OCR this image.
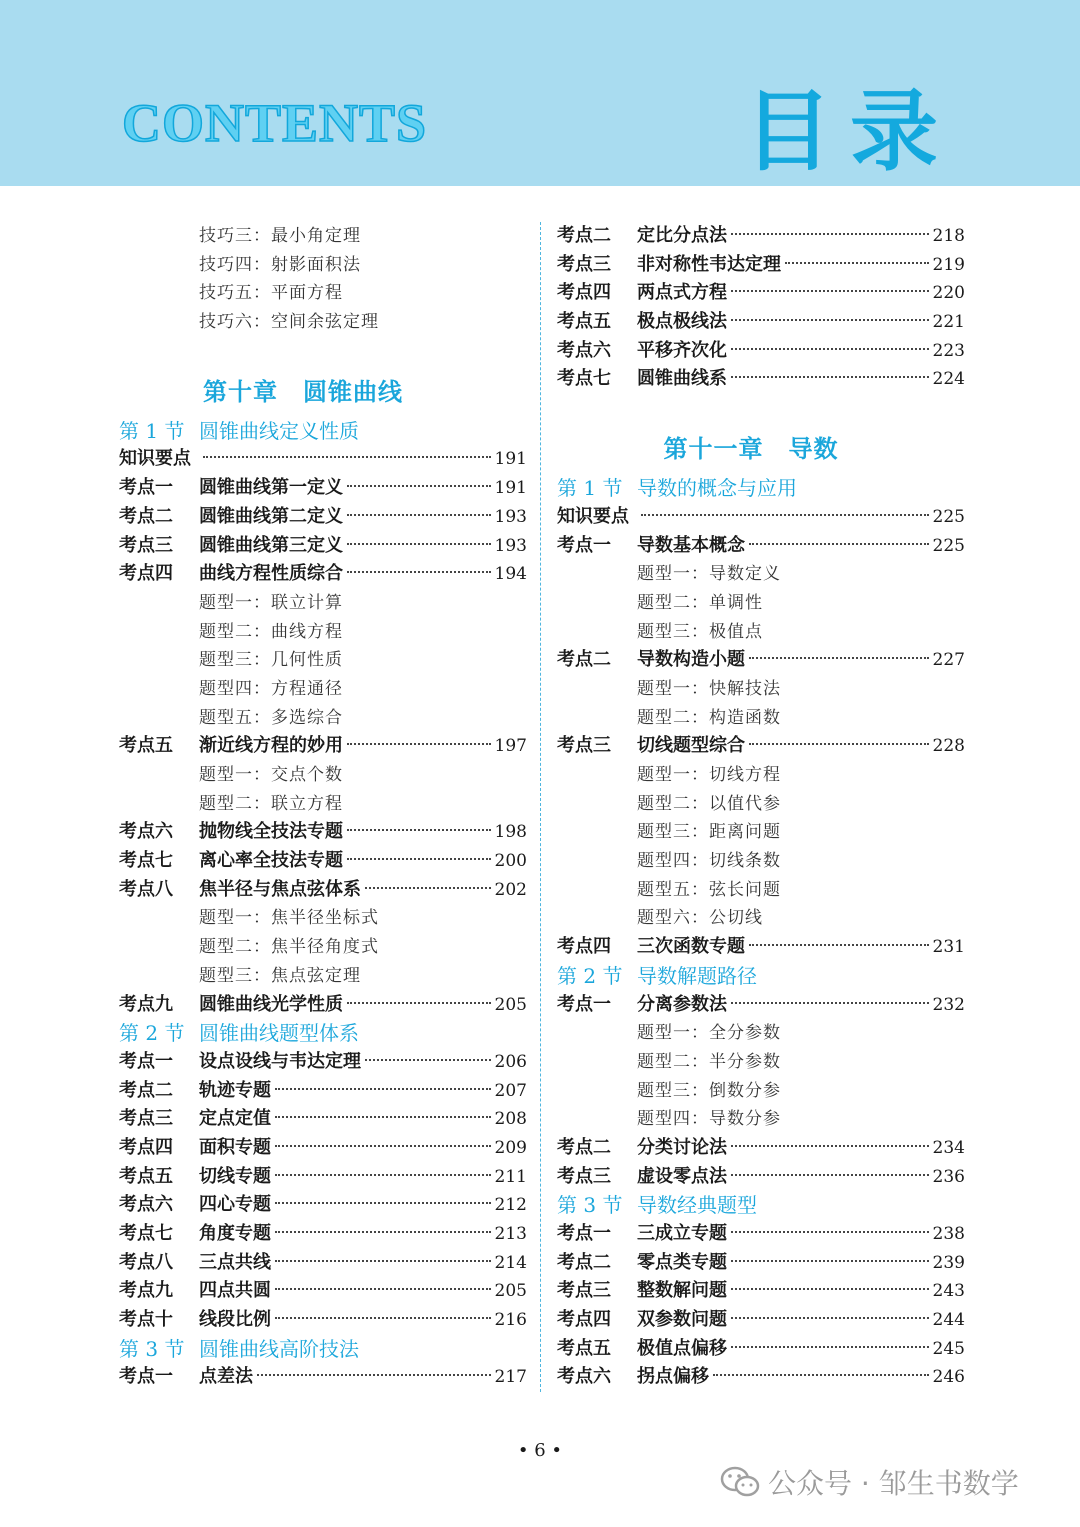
CONTENTS	目录
技巧三：最小角定理
技巧四：射影面积法
技巧五：平面方程
技巧六：空间余弦定理
第十章　圆锥曲线
第 1 节 圆锥曲线定义性质
知识要点	191
考点一	圆锥曲线第一定义	191
考点二	圆锥曲线第二定义	193
考点三	圆锥曲线第三定义	193
考点四	曲线方程性质综合	194
题型一：联立计算
题型二：曲线方程
题型三：几何性质
题型四：方程通径
题型五：多选综合
考点五	渐近线方程的妙用	197
题型一：交点个数
题型二：联立方程
考点六	抛物线全技法专题	198
考点七	离心率全技法专题	200
考点八	焦半径与焦点弦体系	202
题型一：焦半径坐标式
题型二：焦半径角度式
题型三：焦点弦定理
考点九	圆锥曲线光学性质	205
第 2 节 圆锥曲线题型体系
考点一	设点设线与韦达定理	206
考点二	轨迹专题	207
考点三	定点定值	208
考点四	面积专题	209
考点五	切线专题	211
考点六	四心专题	212
考点七	角度专题	213
考点八	三点共线	214
考点九	四点共圆	205
考点十	线段比例	216
第 3 节 圆锥曲线高阶技法
考点一	点差法	217
考点二	定比分点法	218
考点三	非对称性韦达定理	219
考点四	两点式方程	220
考点五	极点极线法	221
考点六	平移齐次化	223
考点七	圆锥曲线系	224
第十一章　导数
第 1 节 导数的概念与应用
知识要点	225
考点一	导数基本概念	225
题型一：导数定义
题型二：单调性
题型三：极值点
考点二	导数构造小题	227
题型一：快解技法
题型二：构造函数
考点三	切线题型综合	228
题型一：切线方程
题型二：以值代参
题型三：距离问题
题型四：切线条数
题型五：弦长问题
题型六：公切线
考点四	三次函数专题	231
第 2 节 导数解题路径
考点一	分离参数法	232
题型一：全分参数
题型二：半分参数
题型三：倒数分参
题型四：导数分参
考点二	分类讨论法	234
考点三	虚设零点法	236
第 3 节 导数经典题型
考点一	三成立专题	238
考点二	零点类专题	239
考点三	整数解问题	243
考点四	双参数问题	244
考点五	极值点偏移	245
考点六	拐点偏移	246
• 6 •
公众号 · 邹生书数学
